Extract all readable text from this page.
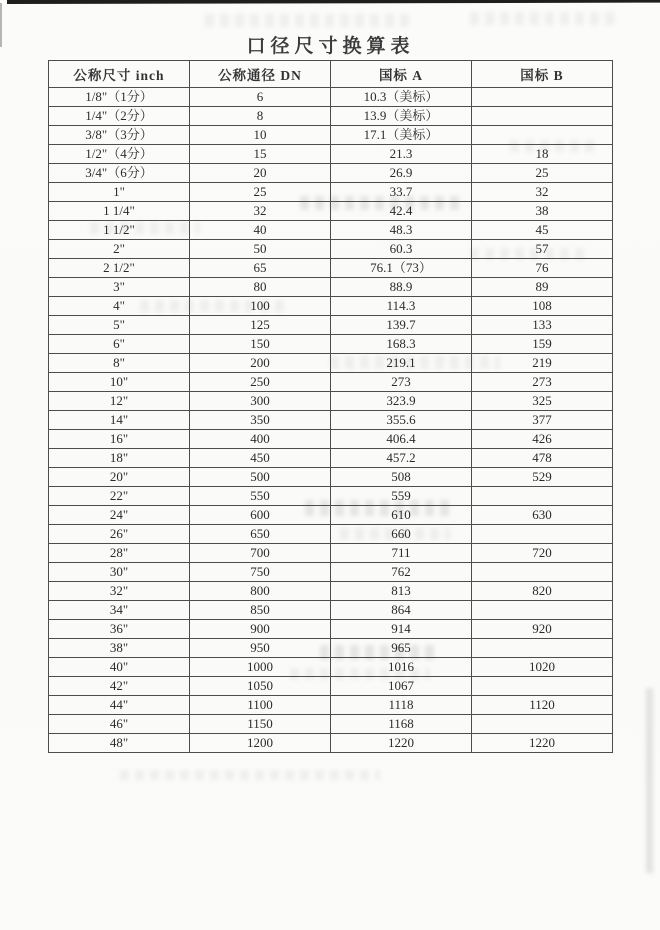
口径尺寸换算表
公称尺寸 inch	公称通径 DN	国标 A	国标 B
1/8"（1分）	6	10.3（美标）	
1/4"（2分）	8	13.9（美标）	
3/8"（3分）	10	17.1（美标）	
1/2"（4分）	15	21.3	18
3/4"（6分）	20	26.9	25
1"	25	33.7	32
1 1/4"	32	42.4	38
1 1/2"	40	48.3	45
2"	50	60.3	57
2 1/2"	65	76.1（73）	76
3"	80	88.9	89
4"	100	114.3	108
5"	125	139.7	133
6"	150	168.3	159
8"	200	219.1	219
10"	250	273	273
12"	300	323.9	325
14"	350	355.6	377
16"	400	406.4	426
18"	450	457.2	478
20"	500	508	529
22"	550	559	
24"	600	610	630
26"	650	660	
28"	700	711	720
30"	750	762	
32"	800	813	820
34"	850	864	
36"	900	914	920
38"	950	965	
40"	1000	1016	1020
42"	1050	1067	
44"	1100	1118	1120
46"	1150	1168	
48"	1200	1220	1220
